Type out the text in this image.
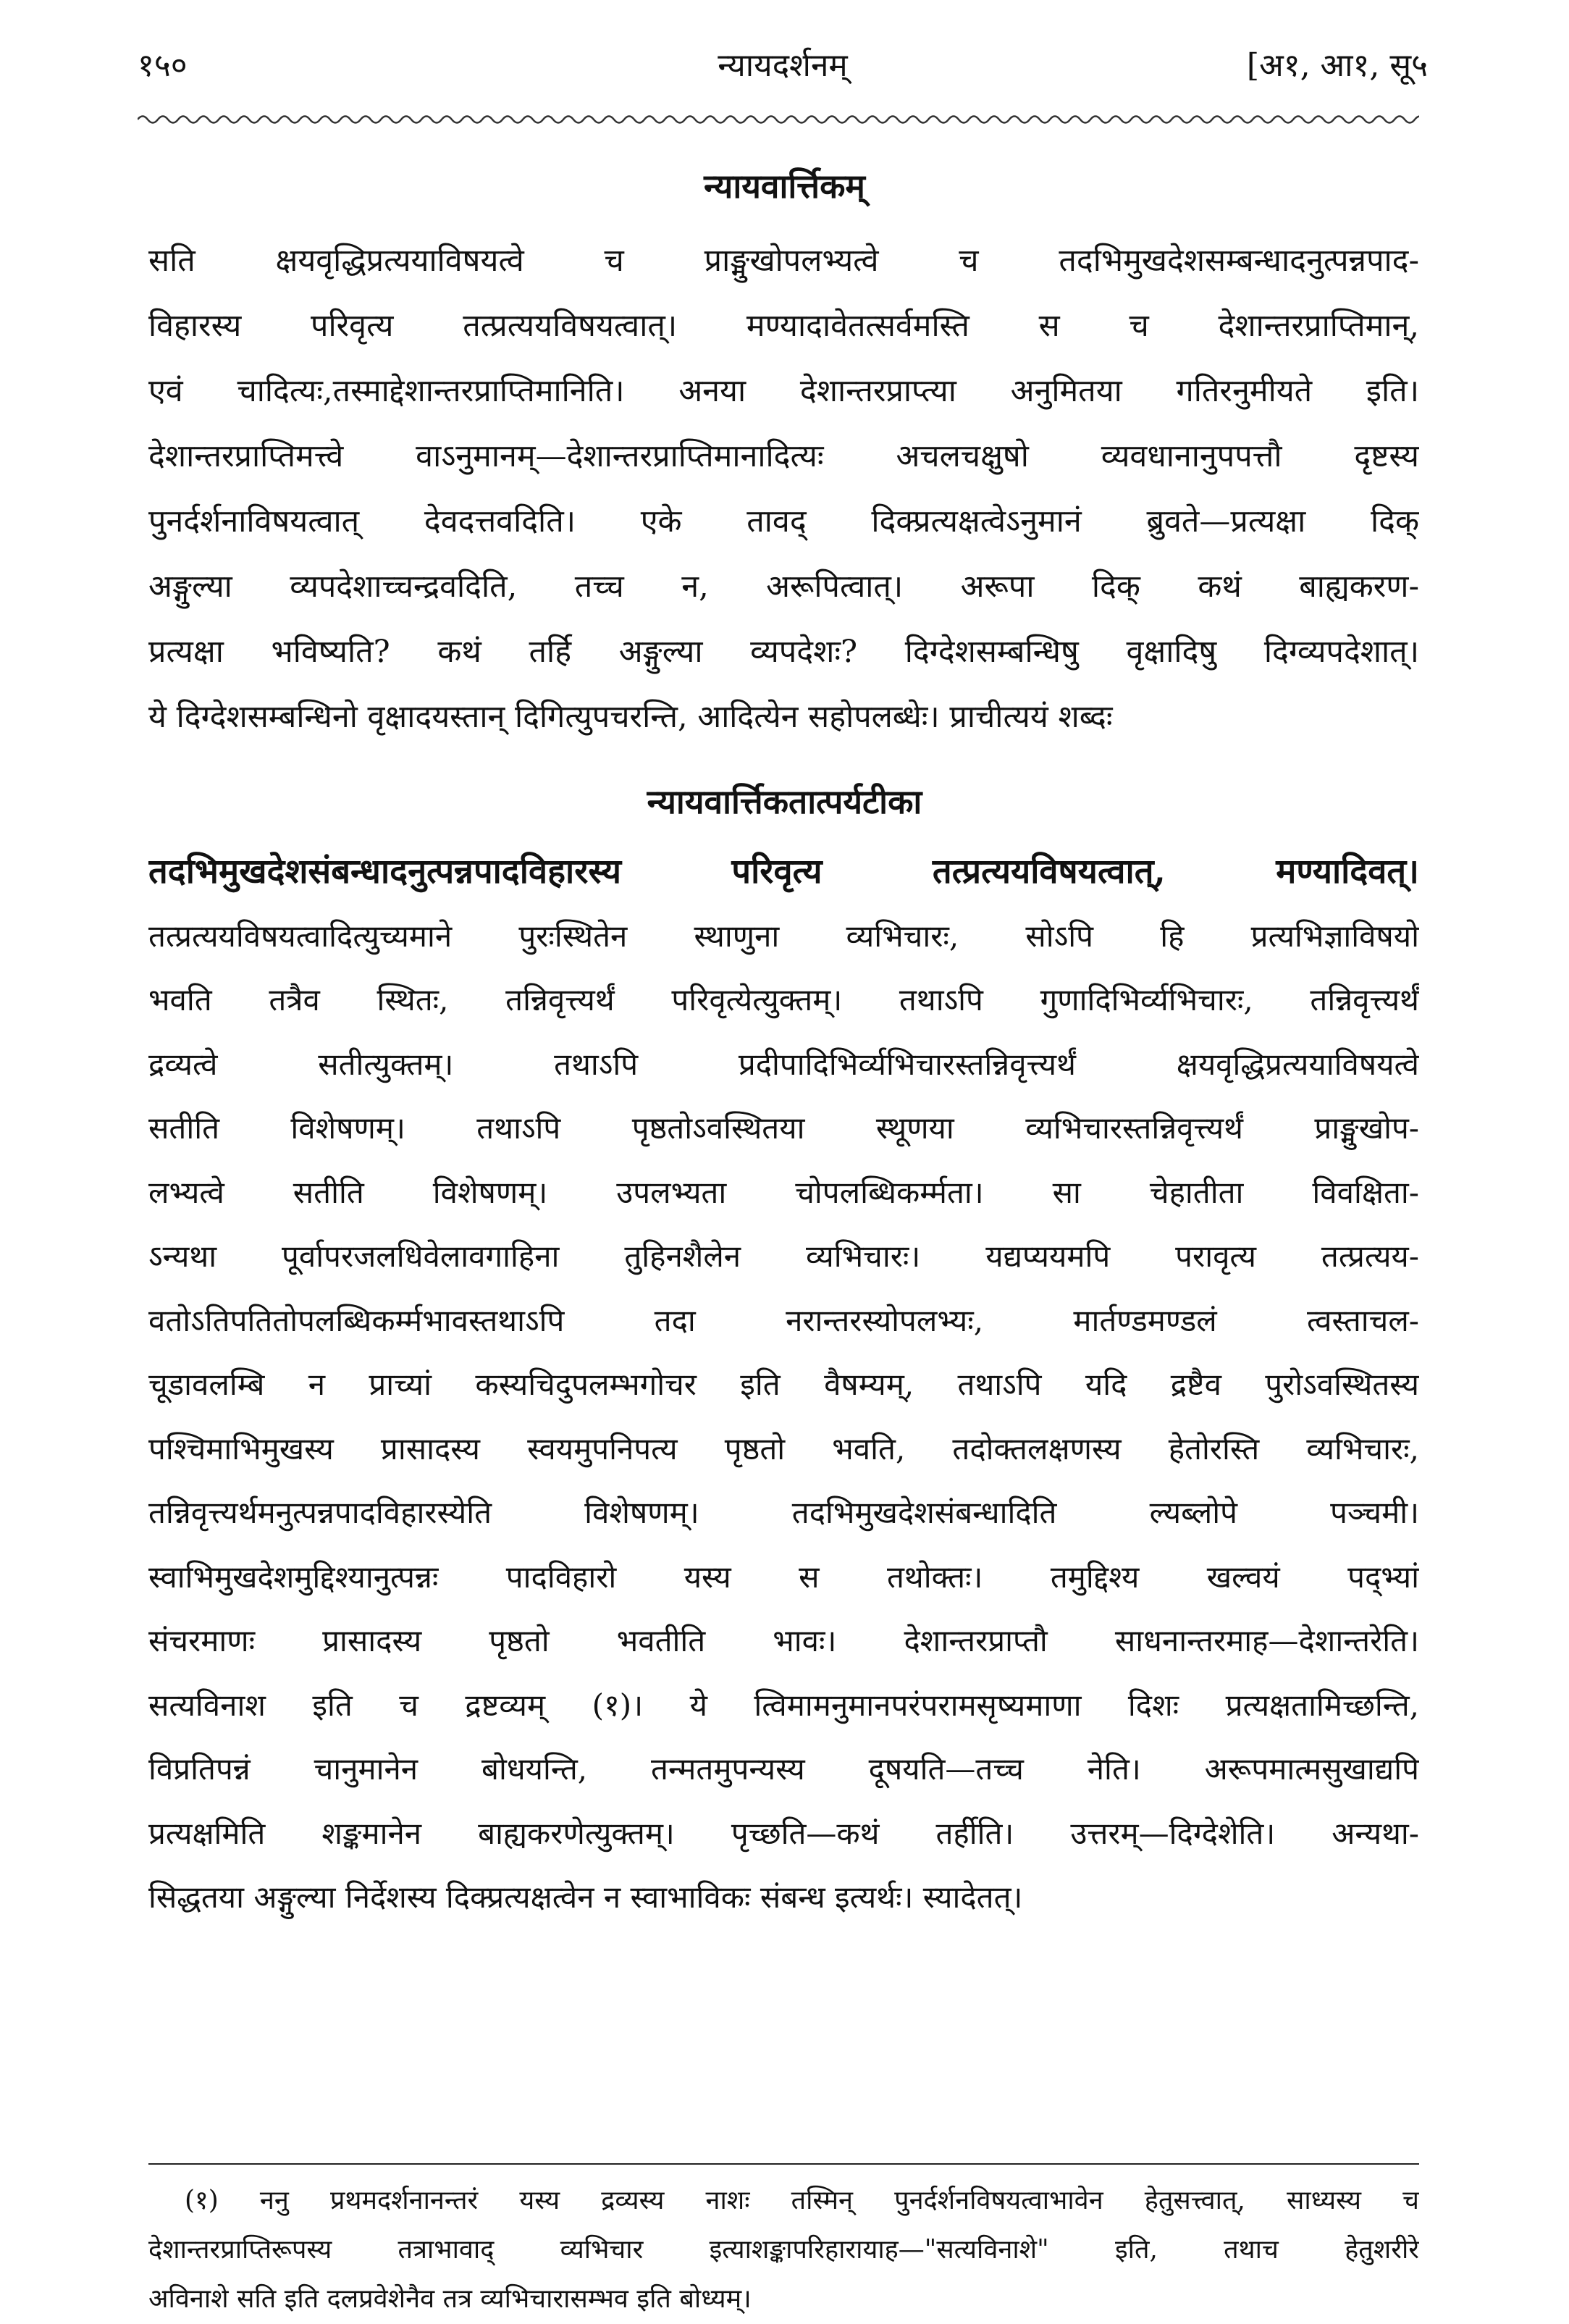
१५०	न्यायदर्शनम्	[अ१, आ१, सू५
न्यायवार्त्तिकम्
सति क्षयवृद्धिप्रत्ययाविषयत्वे च प्राङ्मुखोपलभ्यत्वे च तदभिमुखदेशसम्बन्धादनुत्पन्नपाद-
विहारस्य परिवृत्य तत्प्रत्ययविषयत्वात्। मण्यादावेतत्सर्वमस्ति स च देशान्तरप्राप्तिमान्,
एवं चादित्यः,तस्माद्देशान्तरप्राप्तिमानिति। अनया देशान्तरप्राप्त्या अनुमितया गतिरनुमीयते इति।
देशान्तरप्राप्तिमत्त्वे वाऽनुमानम्—देशान्तरप्राप्तिमानादित्यः अचलचक्षुषो व्यवधानानुपपत्तौ दृष्टस्य
पुनर्दर्शनाविषयत्वात् देवदत्तवदिति। एके तावद् दिक्प्रत्यक्षत्वेऽनुमानं ब्रुवते—प्रत्यक्षा दिक्
अङ्गुल्या व्यपदेशाच्चन्द्रवदिति, तच्च न, अरूपित्वात्। अरूपा दिक् कथं बाह्यकरण-
प्रत्यक्षा भविष्यति? कथं तर्हि अङ्गुल्या व्यपदेशः? दिग्देशसम्बन्धिषु वृक्षादिषु दिग्व्यपदेशात्।
ये दिग्देशसम्बन्धिनो वृक्षादयस्तान् दिगित्युपचरन्ति, आदित्येन सहोपलब्धेः। प्राचीत्ययं शब्दः
न्यायवार्त्तिकतात्पर्यटीका
तदभिमुखदेशसंबन्धादनुत्पन्नपादविहारस्य परिवृत्य तत्प्रत्ययविषयत्वात्, मण्यादिवत्।
तत्प्रत्ययविषयत्वादित्युच्यमाने पुरःस्थितेन स्थाणुना व्यभिचारः, सोऽपि हि प्रत्यभिज्ञाविषयो
भवति तत्रैव स्थितः, तन्निवृत्त्यर्थं परिवृत्येत्युक्तम्। तथाऽपि गुणादिभिर्व्यभिचारः, तन्निवृत्त्यर्थं
द्रव्यत्वे सतीत्युक्तम्। तथाऽपि प्रदीपादिभिर्व्यभिचारस्तन्निवृत्त्यर्थं क्षयवृद्धिप्रत्ययाविषयत्वे
सतीति विशेषणम्। तथाऽपि पृष्ठतोऽवस्थितया स्थूणया व्यभिचारस्तन्निवृत्त्यर्थं प्राङ्मुखोप-
लभ्यत्वे सतीति विशेषणम्। उपलभ्यता चोपलब्धिकर्म्मता। सा चेहातीता विवक्षिता-
ऽन्यथा पूर्वापरजलधिवेलावगाहिना तुहिनशैलेन व्यभिचारः। यद्यप्ययमपि परावृत्य तत्प्रत्यय-
वतोऽतिपतितोपलब्धिकर्म्मभावस्तथाऽपि तदा नरान्तरस्योपलभ्यः, मार्तण्डमण्डलं त्वस्ताचल-
चूडावलम्बि न प्राच्यां कस्यचिदुपलम्भगोचर इति वैषम्यम्, तथाऽपि यदि द्रष्टैव पुरोऽवस्थितस्य
पश्चिमाभिमुखस्य प्रासादस्य स्वयमुपनिपत्य पृष्ठतो भवति, तदोक्तलक्षणस्य हेतोरस्ति व्यभिचारः,
तन्निवृत्त्यर्थमनुत्पन्नपादविहारस्येति विशेषणम्। तदभिमुखदेशसंबन्धादिति ल्यब्लोपे पञ्चमी।
स्वाभिमुखदेशमुद्दिश्यानुत्पन्नः पादविहारो यस्य स तथोक्तः। तमुद्दिश्य खल्वयं पद्भ्यां
संचरमाणः प्रासादस्य पृष्ठतो भवतीति भावः। देशान्तरप्राप्तौ साधनान्तरमाह—देशान्तरेति।
सत्यविनाश इति च द्रष्टव्यम् (१)। ये त्विमामनुमानपरंपरामसृष्यमाणा दिशः प्रत्यक्षतामिच्छन्ति,
विप्रतिपन्नं चानुमानेन बोधयन्ति, तन्मतमुपन्यस्य दूषयति—तच्च नेति। अरूपमात्मसुखाद्यपि
प्रत्यक्षमिति शङ्कमानेन बाह्यकरणेत्युक्तम्। पृच्छति—कथं तर्हीति। उत्तरम्—दिग्देशेति। अन्यथा-
सिद्धतया अङ्गुल्या निर्देशस्य दिक्प्रत्यक्षत्वेन न स्वाभाविकः संबन्ध इत्यर्थः। स्यादेतत्।
(१) ननु प्रथमदर्शनानन्तरं यस्य द्रव्यस्य नाशः तस्मिन् पुनर्दर्शनविषयत्वाभावेन हेतुसत्त्वात्, साध्यस्य च
देशान्तरप्राप्तिरूपस्य तत्राभावाद् व्यभिचार इत्याशङ्कापरिहारायाह—"सत्यविनाशे" इति, तथाच हेतुशरीरे
अविनाशे सति इति दलप्रवेशेनैव तत्र व्यभिचारासम्भव इति बोध्यम्।
